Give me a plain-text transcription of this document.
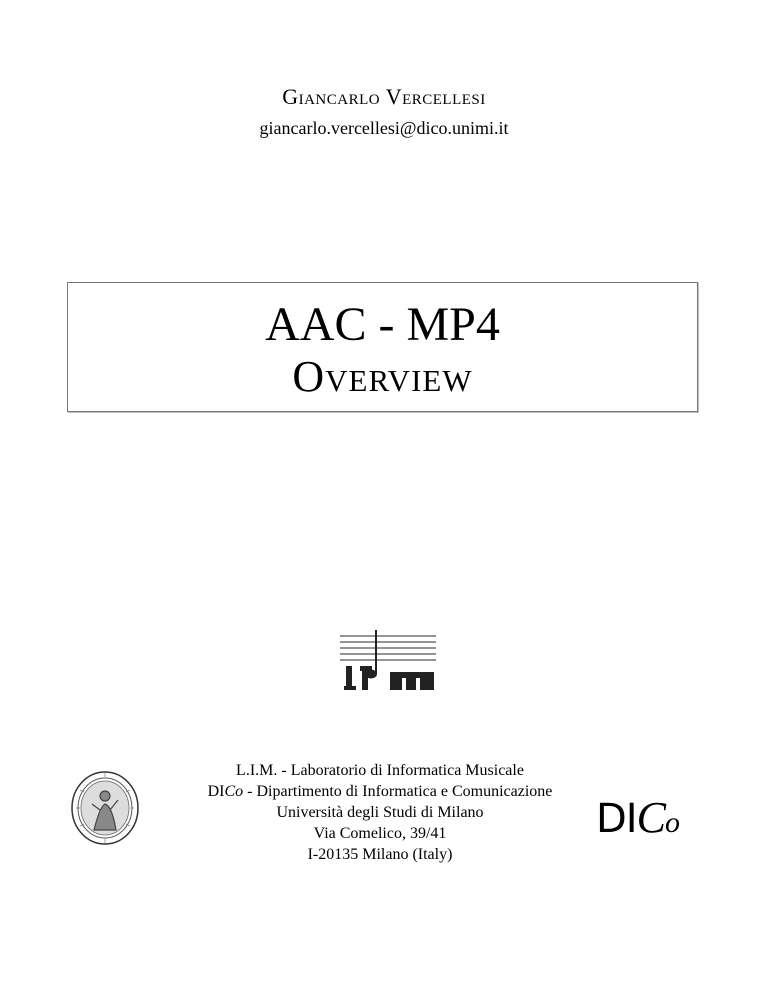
Giancarlo Vercellesi
giancarlo.vercellesi@dico.unimi.it
AAC - MP4
Overview
L.I.M. - Laboratorio di Informatica Musicale
DICo - Dipartimento di Informatica e Comunicazione
Università degli Studi di Milano
Via Comelico, 39/41
I-20135 Milano (Italy)
DICo
